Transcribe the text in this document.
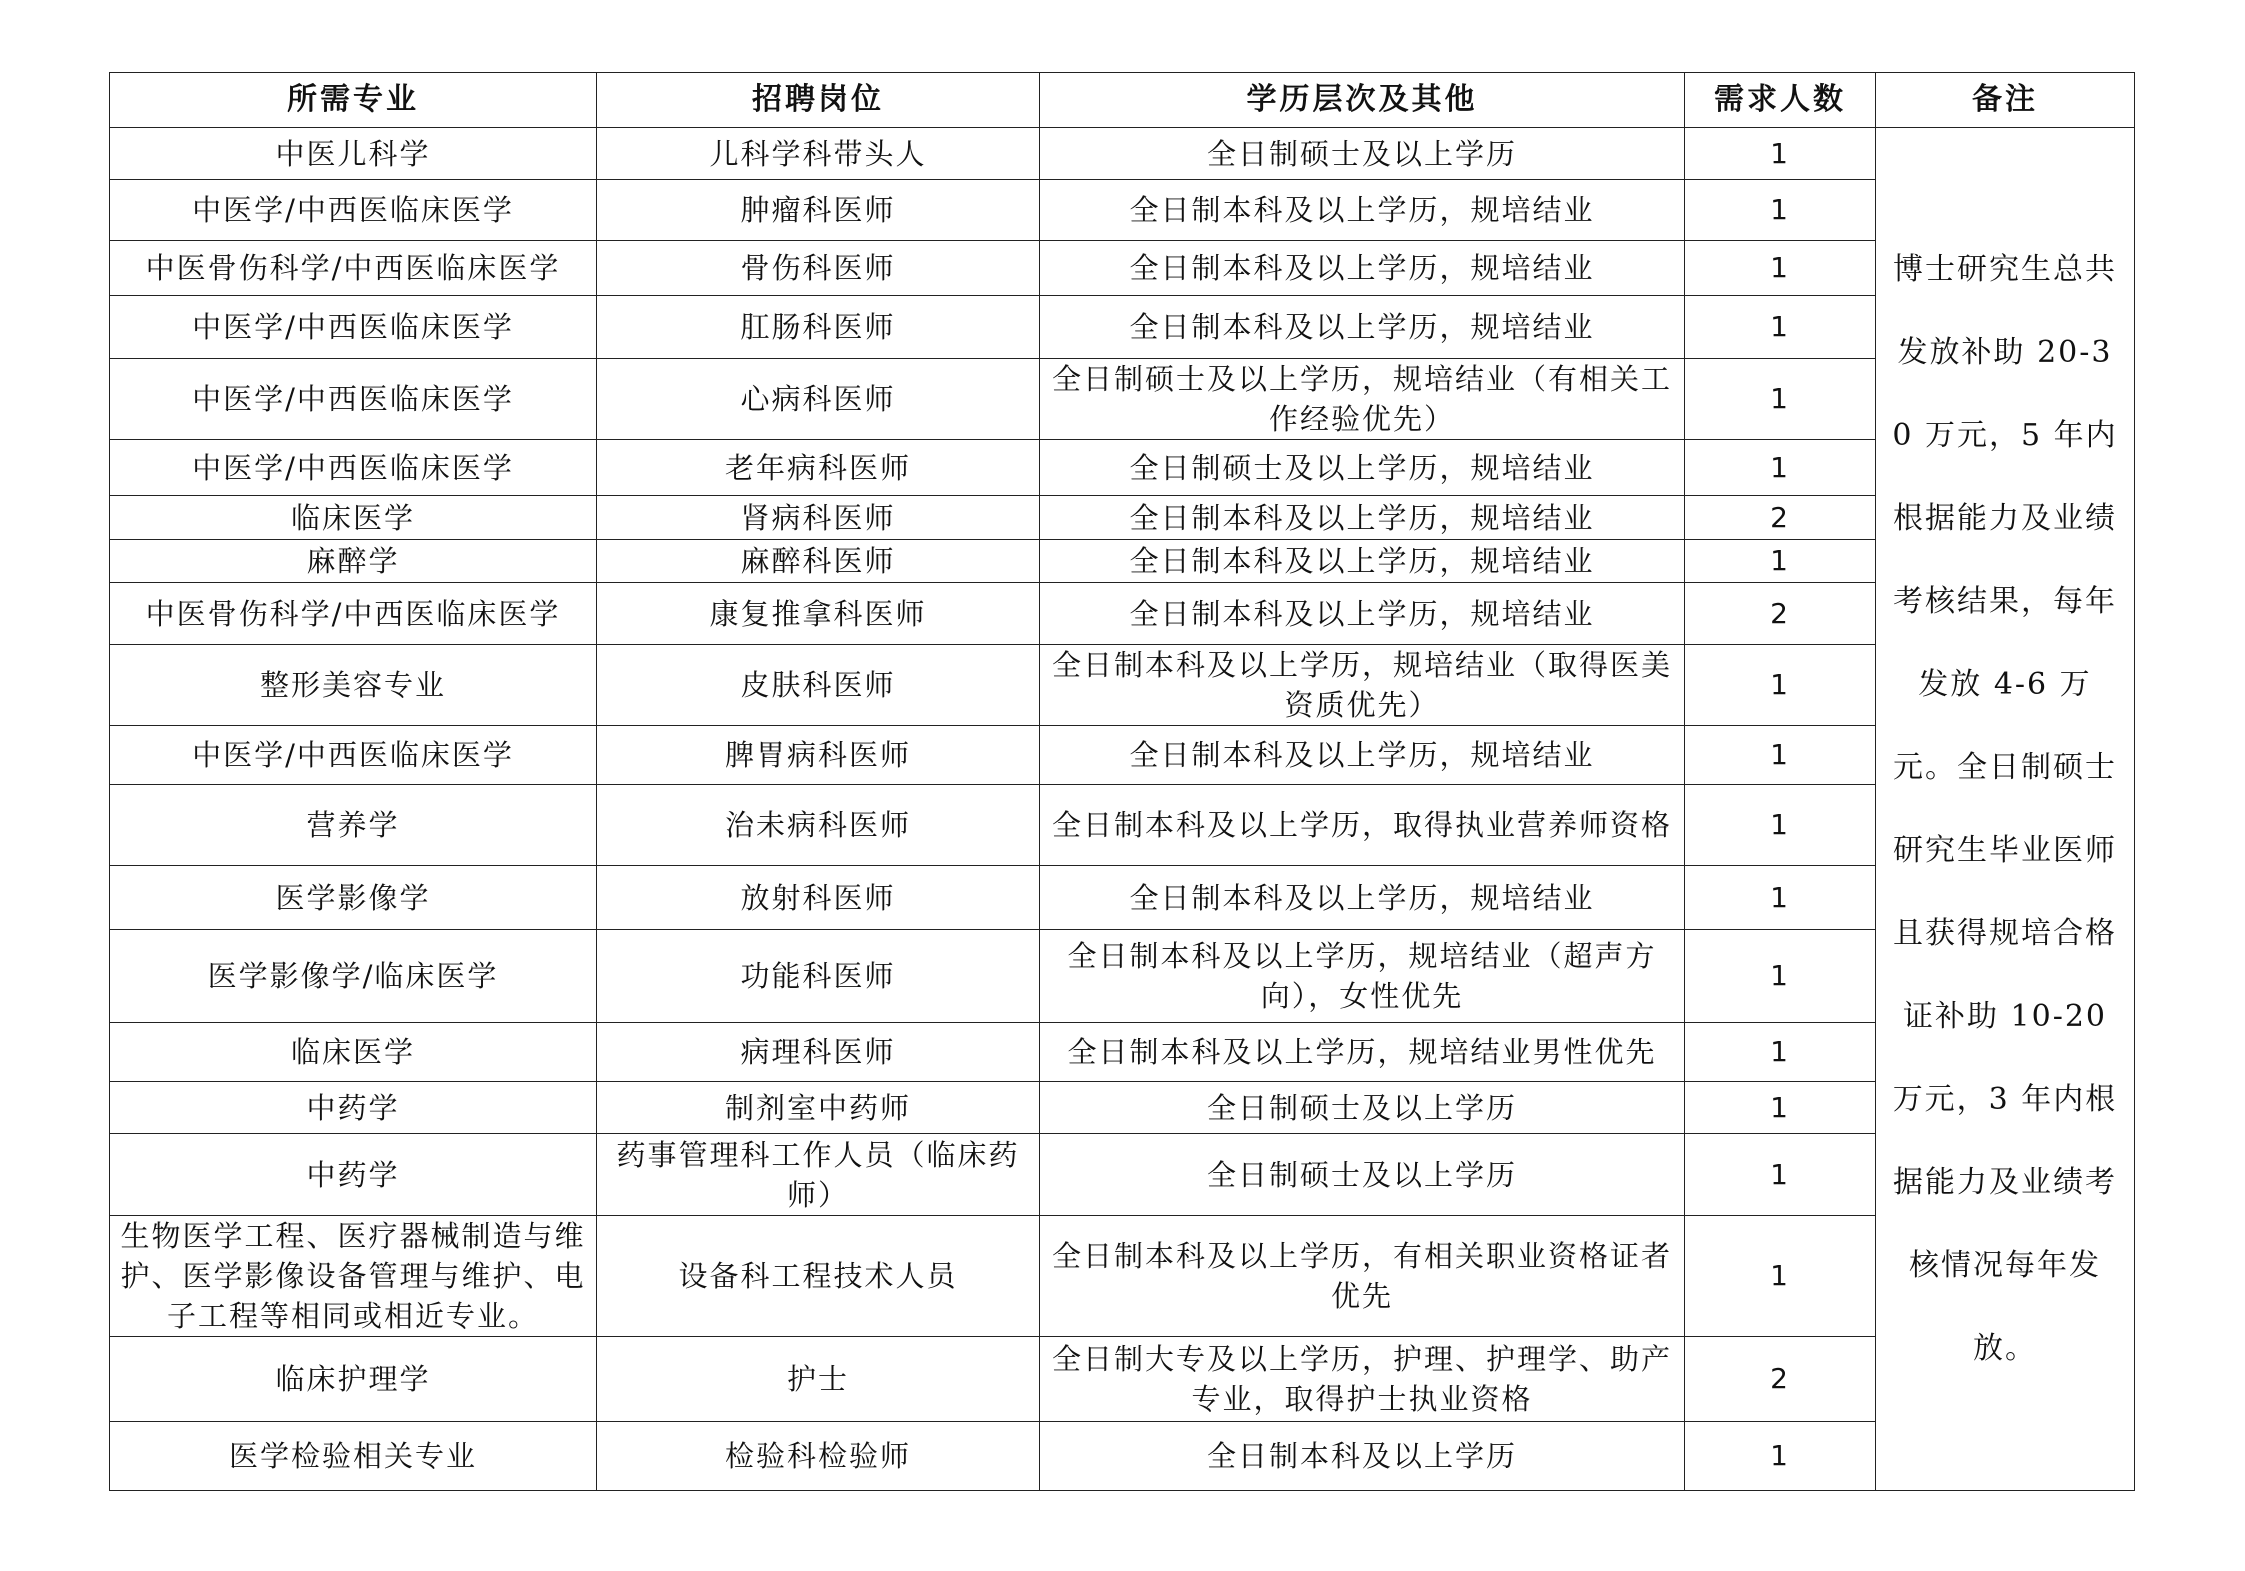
所需专业	招聘岗位	学历层次及其他	需求人数	备注
中医儿科学	儿科学科带头人	全日制硕士及以上学历	1	博士研究生总共发放补助 20-30 万元，5 年内根据能力及业绩考核结果，每年发放 4-6 万元。全日制硕士研究生毕业医师且获得规培合格证补助 10-20 万元，3 年内根据能力及业绩考核情况每年发放。
中医学/中西医临床医学	肿瘤科医师	全日制本科及以上学历，规培结业	1	
中医骨伤科学/中西医临床医学	骨伤科医师	全日制本科及以上学历，规培结业	1	
中医学/中西医临床医学	肛肠科医师	全日制本科及以上学历，规培结业	1	
中医学/中西医临床医学	心病科医师	全日制硕士及以上学历，规培结业（有相关工作经验优先）	1	
中医学/中西医临床医学	老年病科医师	全日制硕士及以上学历，规培结业	1	
临床医学	肾病科医师	全日制本科及以上学历，规培结业	2	
麻醉学	麻醉科医师	全日制本科及以上学历，规培结业	1	
中医骨伤科学/中西医临床医学	康复推拿科医师	全日制本科及以上学历，规培结业	2	
整形美容专业	皮肤科医师	全日制本科及以上学历，规培结业（取得医美资质优先）	1	
中医学/中西医临床医学	脾胃病科医师	全日制本科及以上学历，规培结业	1	
营养学	治未病科医师	全日制本科及以上学历，取得执业营养师资格	1	
医学影像学	放射科医师	全日制本科及以上学历，规培结业	1	
医学影像学/临床医学	功能科医师	全日制本科及以上学历，规培结业（超声方向），女性优先	1	
临床医学	病理科医师	全日制本科及以上学历，规培结业男性优先	1	
中药学	制剂室中药师	全日制硕士及以上学历	1	
中药学	药事管理科工作人员（临床药师）	全日制硕士及以上学历	1	
生物医学工程、医疗器械制造与维护、医学影像设备管理与维护、电子工程等相同或相近专业。	设备科工程技术人员	全日制本科及以上学历，有相关职业资格证者优先	1	
临床护理学	护士	全日制大专及以上学历，护理、护理学、助产专业，取得护士执业资格	2	
医学检验相关专业	检验科检验师	全日制本科及以上学历	1	
